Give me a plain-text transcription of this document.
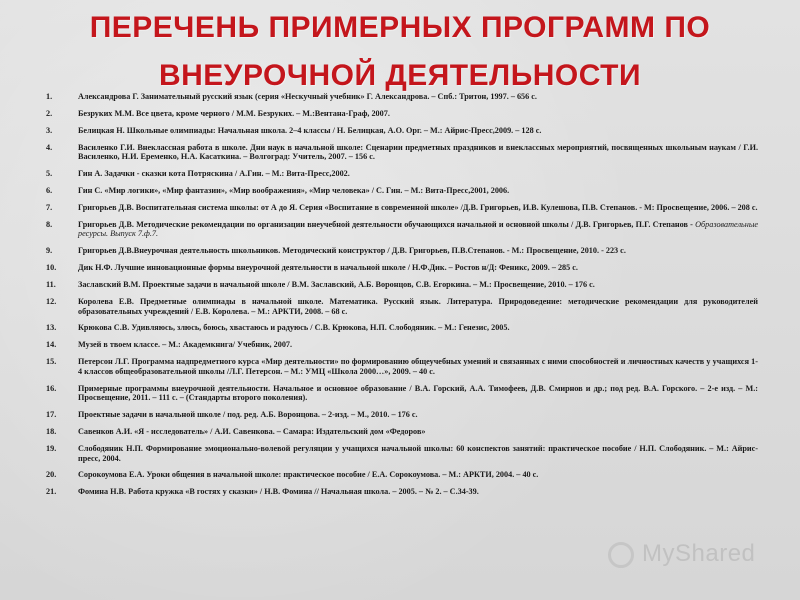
ПЕРЕЧЕНЬ ПРИМЕРНЫХ ПРОГРАММ ПО
ВНЕУРОЧНОЙ ДЕЯТЕЛЬНОСТИ
1.	Александрова Г. Занимательный русский язык (серия «Нескучный учебник» Г. Александрова. – Спб.: Тритон, 1997. – 656 с.
2.	Безруких М.М. Все цвета, кроме черного / М.М. Безруких. – М.:Вентана-Граф, 2007.
3.	Белицкая Н. Школьные олимпиады: Начальная школа. 2–4 классы / Н. Белицкая, А.О. Орг. – М.: Айрис-Пресс,2009. – 128 с.
4.	Василенко Г.И. Внеклассная работа в школе. Дни наук в начальной школе: Сценарии предметных праздников и внеклассных мероприятий, посвященных школьным наукам / Г.И. Василенко, Н.И. Еременко, Н.А. Касаткина. – Волгоград: Учитель, 2007. – 156 с.
5.	Гин А. Задачки - сказки кота Потряскина / А.Гин. – М.: Вита-Пресс,2002.
6.	Гин С. «Мир логики», «Мир фантазии», «Мир воображения», «Мир человека» / С. Гин. – М.: Вита-Пресс,2001, 2006.
7.	Григорьев Д.В. Воспитательная система школы: от А до Я. Серия «Воспитание в современной школе» /Д.В. Григорьев, И.В. Кулешова, П.В. Степанов. - М: Просвещение, 2006. – 208 с.
8.	Григорьев Д.В. Методические рекомендации по организации внеучебной деятельности обучающихся начальной и основной школы / Д.В. Григорьев, П.Г. Степанов - Образовательные ресурсы. Выпуск 7.ф.7.
9.	Григорьев Д.В.Внеурочная деятельность школьников. Методический конструктор / Д.В. Григорьев, П.В.Степанов. - М.: Просвещение, 2010. - 223 с.
10.	Дик Н.Ф. Лучшие инновационные формы внеурочной деятельности в начальной школе / Н.Ф.Дик. – Ростов н/Д: Феникс, 2009. – 285 с.
11.	Заславский В.М. Проектные задачи в начальной школе / В.М. Заславский, А.Б. Воронцов, С.В. Егоркина. – М.: Просвещение, 2010. – 176 с.
12.	Королева Е.В. Предметные олимпиады в начальной школе. Математика. Русский язык. Литература. Природоведение: методические рекомендации для руководителей образовательных учреждений / Е.В. Королева. – М.: АРКТИ, 2008. – 68 с.
13.	Крюкова С.В. Удивляюсь, злюсь, боюсь, хвастаюсь и радуюсь / С.В. Крюкова, Н.П. Слободяник. – М.: Генезис, 2005.
14.	Музей в твоем классе. – М.: Академкнига/ Учебник, 2007.
15.	Петерсон Л.Г. Программа надпредметного курса «Мир деятельности» по формированию общеучебных умений и связанных с ними способностей и личностных качеств у учащихся 1-4 классов общеобразовательной школы /Л.Г. Петерсон. – М.: УМЦ «Школа 2000…», 2009. – 40 с.
16.	Примерные программы внеурочной деятельности. Начальное и основное образование / В.А. Горский, А.А. Тимофеев, Д.В. Смирнов и др.; под ред. В.А. Горского. – 2-е изд. – М.: Просвещение, 2011. – 111 с. – (Стандарты второго поколения).
17.	Проектные задачи в начальной школе / под. ред. А.Б. Воронцова. – 2-изд. – М., 2010. – 176 с.
18.	Савенков А.И. «Я - исследователь» / А.И. Савенкова. – Самара: Издательский дом «Федоров»
19.	Слободяник Н.П. Формирование эмоционально-волевой регуляции у учащихся начальной школы: 60 конспектов занятий: практическое пособие / Н.П. Слободяник. – М.: Айрис-пресс, 2004.
20.	Сорокоумова Е.А. Уроки общения в начальной школе: практическое пособие / Е.А. Сорокоумова. – М.: АРКТИ, 2004. – 40 с.
21.	Фомина Н.В. Работа кружка «В гостях у сказки» / Н.В. Фомина // Начальная школа. – 2005. – № 2. – С.34-39.
MyShared
